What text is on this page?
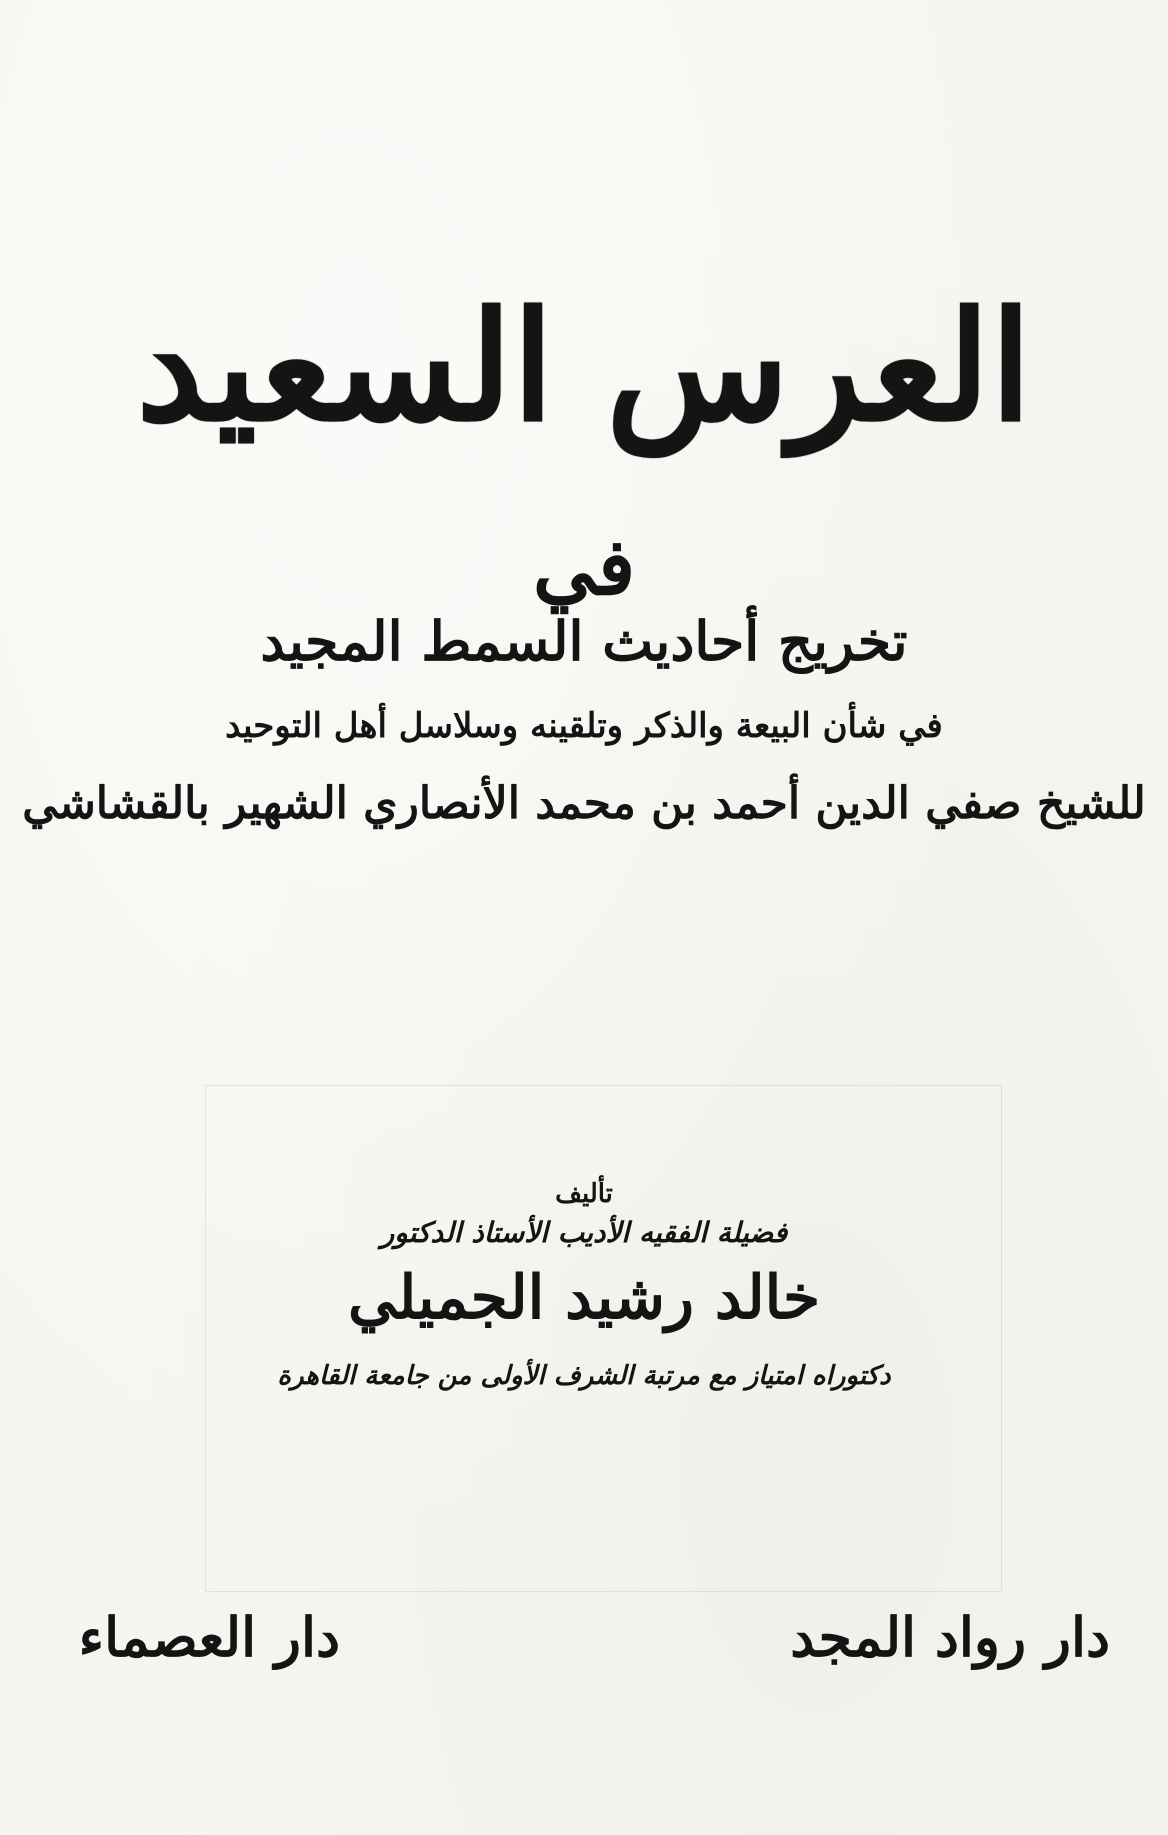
العرس السعيد
في
تخريج أحاديث السمط المجيد
في شأن البيعة والذكر وتلقينه وسلاسل أهل التوحيد
للشيخ صفي الدين أحمد بن محمد الأنصاري الشهير بالقشاشي
تأليف
فضيلة الفقيه الأديب الأستاذ الدكتور
خالد رشيد الجميلي
دكتوراه امتياز مع مرتبة الشرف الأولى من جامعة القاهرة
دار العصماء	دار رواد المجد
